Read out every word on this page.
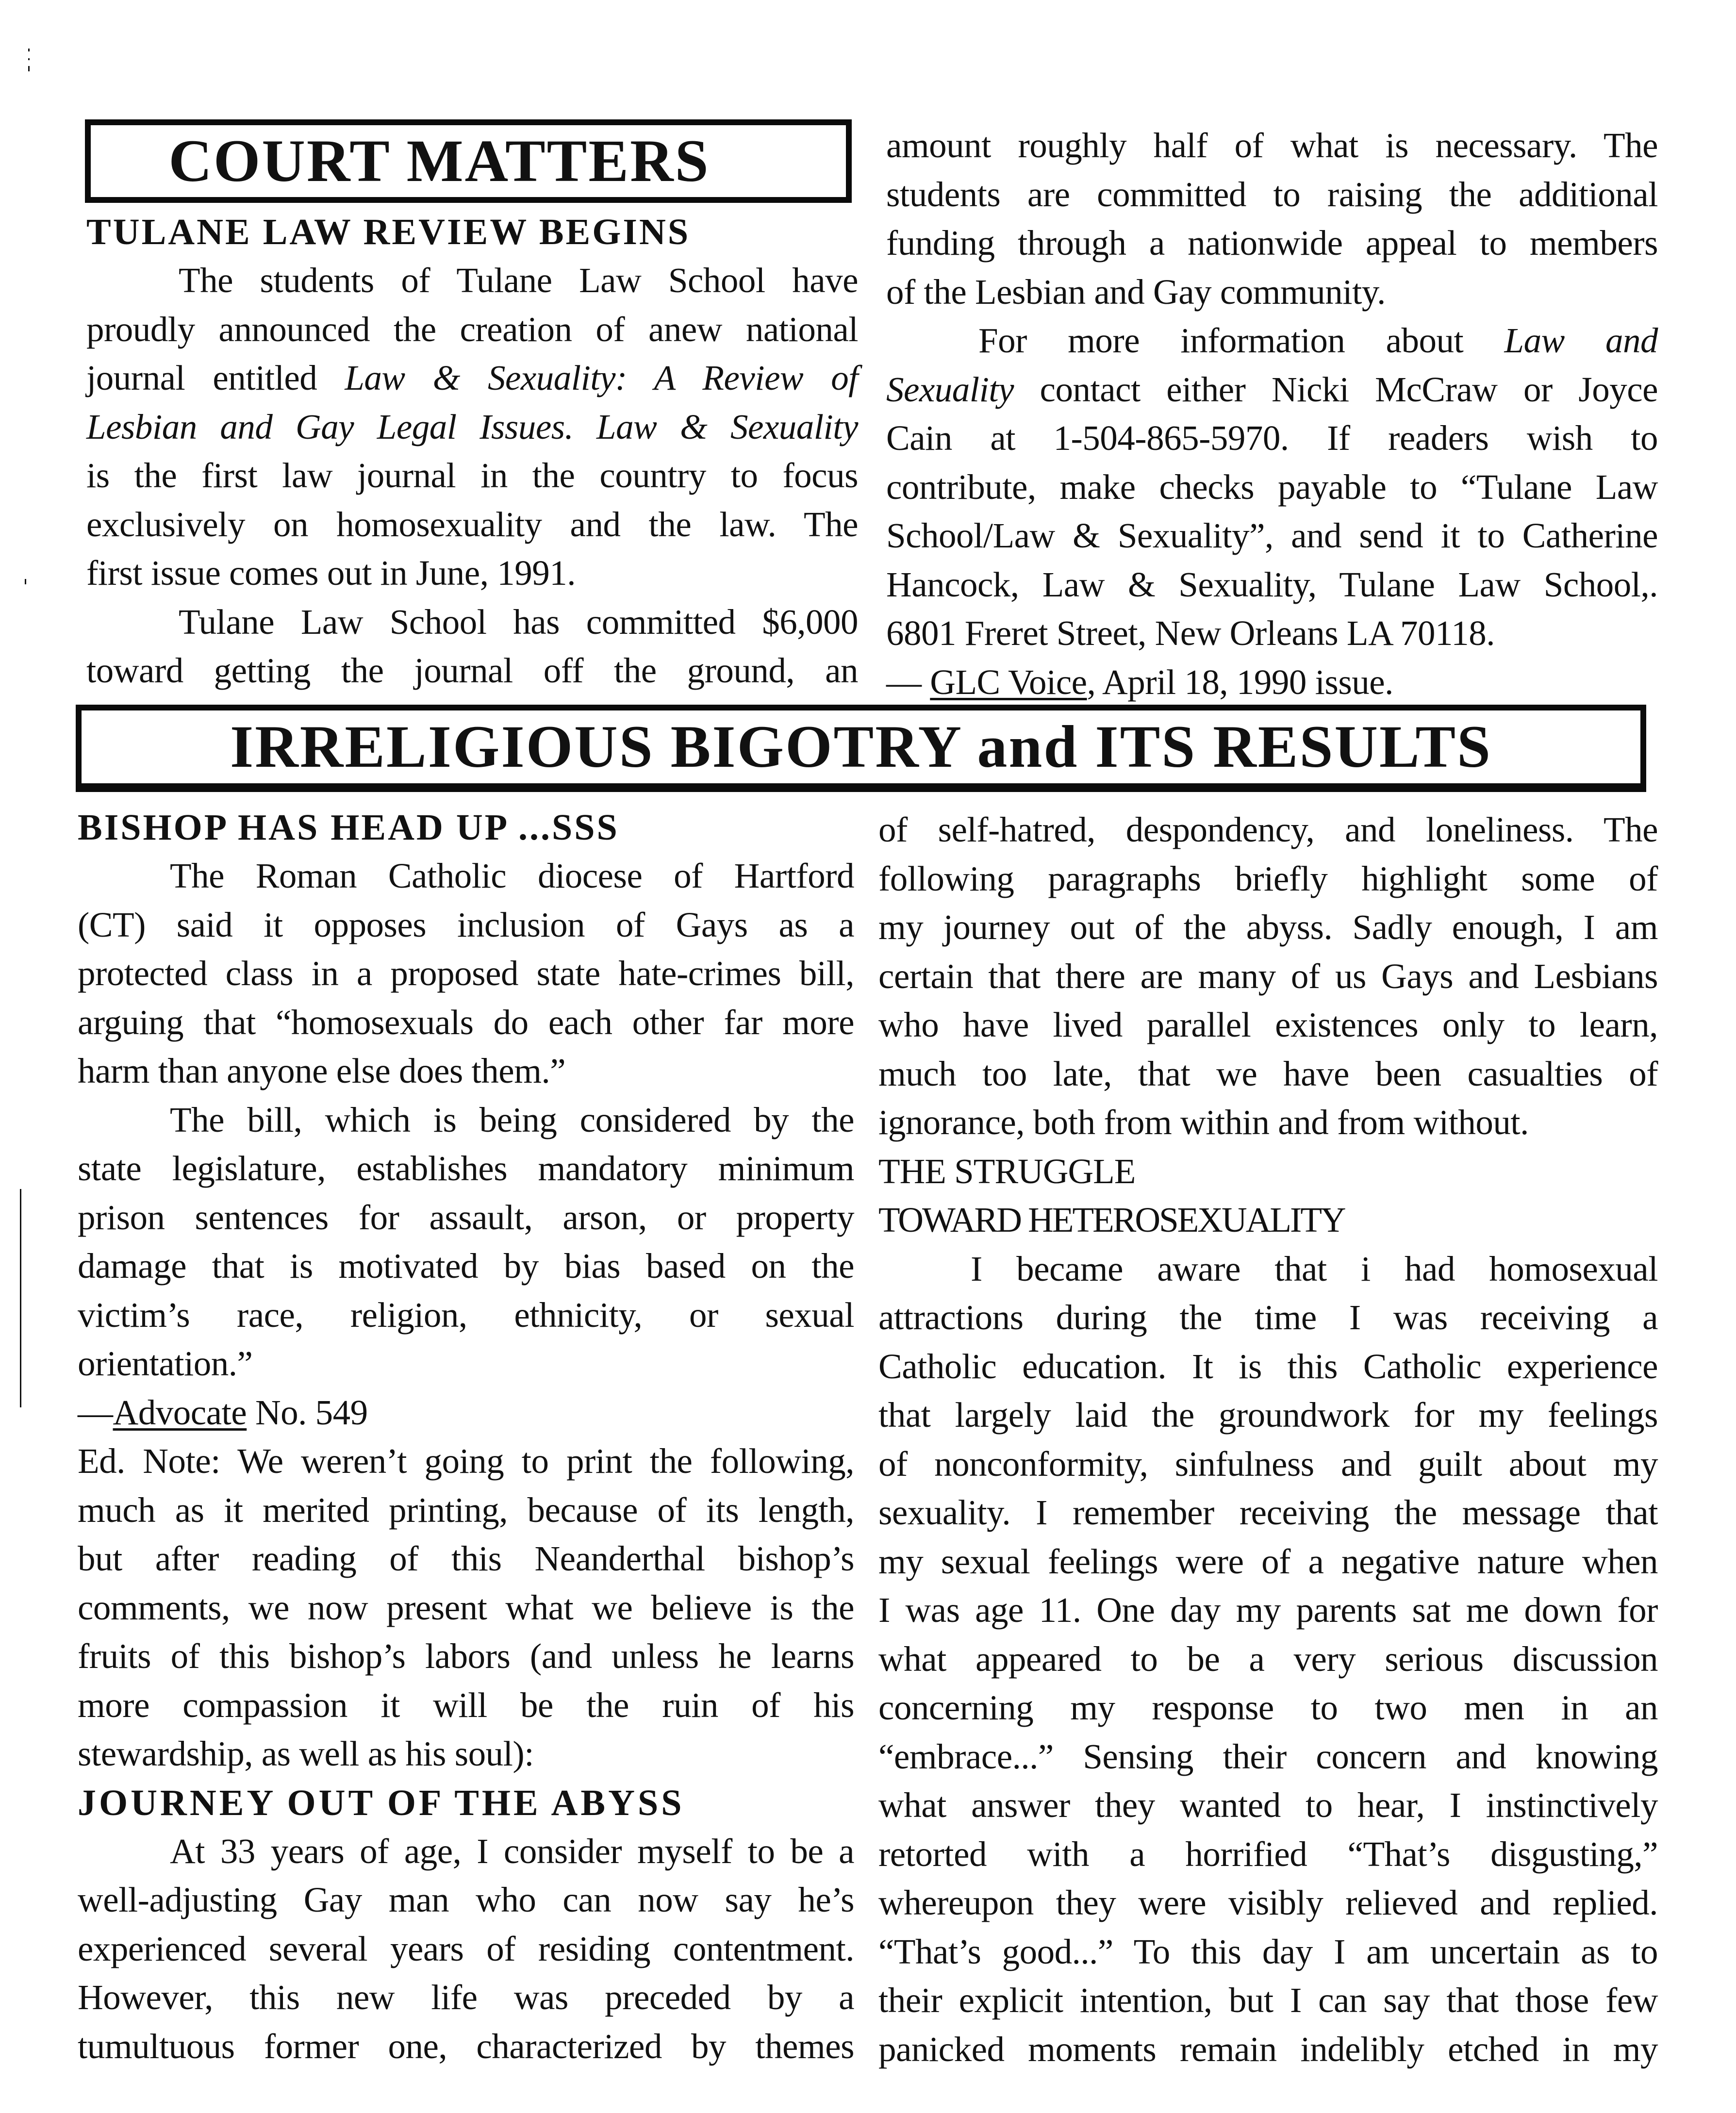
COURT MATTERS
TULANE LAW REVIEW BEGINS
The students of Tulane Law School have
proudly announced the creation of anew national
journal entitled Law & Sexuality: A Review of
Lesbian and Gay Legal Issues. Law & Sexuality
is the first law journal in the country to focus
exclusively on homosexuality and the law. The
first issue comes out in June, 1991.
Tulane Law School has committed $6,000
toward getting the journal off the ground, an
amount roughly half of what is necessary. The
students are committed to raising the additional
funding through a nationwide appeal to members
of the Lesbian and Gay community.
For more information about Law and
Sexuality contact either Nicki McCraw or Joyce
Cain at 1-504-865-5970. If readers wish to
contribute, make checks payable to “Tulane Law
School/Law & Sexuality”, and send it to Catherine
Hancock, Law & Sexuality, Tulane Law School,.
6801 Freret Street, New Orleans LA 70118.
— GLC Voice, April 18, 1990 issue.
IRRELIGIOUS BIGOTRY and ITS RESULTS
BISHOP HAS HEAD UP ...SSS
The Roman Catholic diocese of Hartford
(CT) said it opposes inclusion of Gays as a
protected class in a proposed state hate-crimes bill,
arguing that “homosexuals do each other far more
harm than anyone else does them.”
The bill, which is being considered by the
state legislature, establishes mandatory minimum
prison sentences for assault, arson, or property
damage that is motivated by bias based on the
victim’s race, religion, ethnicity, or sexual
orientation.”
—Advocate No. 549
Ed. Note: We weren’t going to print the following,
much as it merited printing, because of its length,
but after reading of this Neanderthal bishop’s
comments, we now present what we believe is the
fruits of this bishop’s labors (and unless he learns
more compassion it will be the ruin of his
stewardship, as well as his soul):
JOURNEY OUT OF THE ABYSS
At 33 years of age, I consider myself to be a
well-adjusting Gay man who can now say he’s
experienced several years of residing contentment.
However, this new life was preceded by a
tumultuous former one, characterized by themes
of self-hatred, despondency, and loneliness. The
following paragraphs briefly highlight some of
my journey out of the abyss. Sadly enough, I am
certain that there are many of us Gays and Lesbians
who have lived parallel existences only to learn,
much too late, that we have been casualties of
ignorance, both from within and from without.
THE STRUGGLE
TOWARD HETEROSEXUALITY
I became aware that i had homosexual
attractions during the time I was receiving a
Catholic education. It is this Catholic experience
that largely laid the groundwork for my feelings
of nonconformity, sinfulness and guilt about my
sexuality. I remember receiving the message that
my sexual feelings were of a negative nature when
I was age 11. One day my parents sat me down for
what appeared to be a very serious discussion
concerning my response to two men in an
“embrace...” Sensing their concern and knowing
what answer they wanted to hear, I instinctively
retorted with a horrified “That’s disgusting,”
whereupon they were visibly relieved and replied.
“That’s good...” To this day I am uncertain as to
their explicit intention, but I can say that those few
panicked moments remain indelibly etched in my
